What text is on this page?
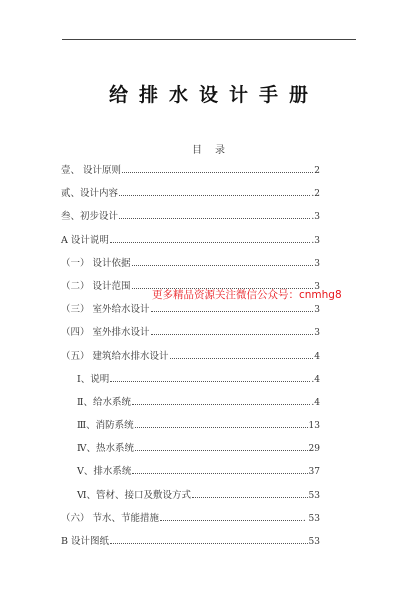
给排水设计手册
目录
壹、 设计原则	2
贰、设计内容	.2
叁、初步设计	.3
A 设计说明	.3
（一） 设计依据	3
（二） 设计范围	3
（三） 室外给水设计	3
（四） 室外排水设计	3
（五） 建筑给水排水设计	4
Ⅰ、说明	.4
Ⅱ、给水系统	.4
Ⅲ、消防系统	13
Ⅳ、热水系统	29
Ⅴ、排水系统	37
Ⅵ、管材、接口及敷设方式	53
（六） 节水、节能措施	. 53
B 设计图纸	53
更多精品资源关注微信公众号：cnmhg8
